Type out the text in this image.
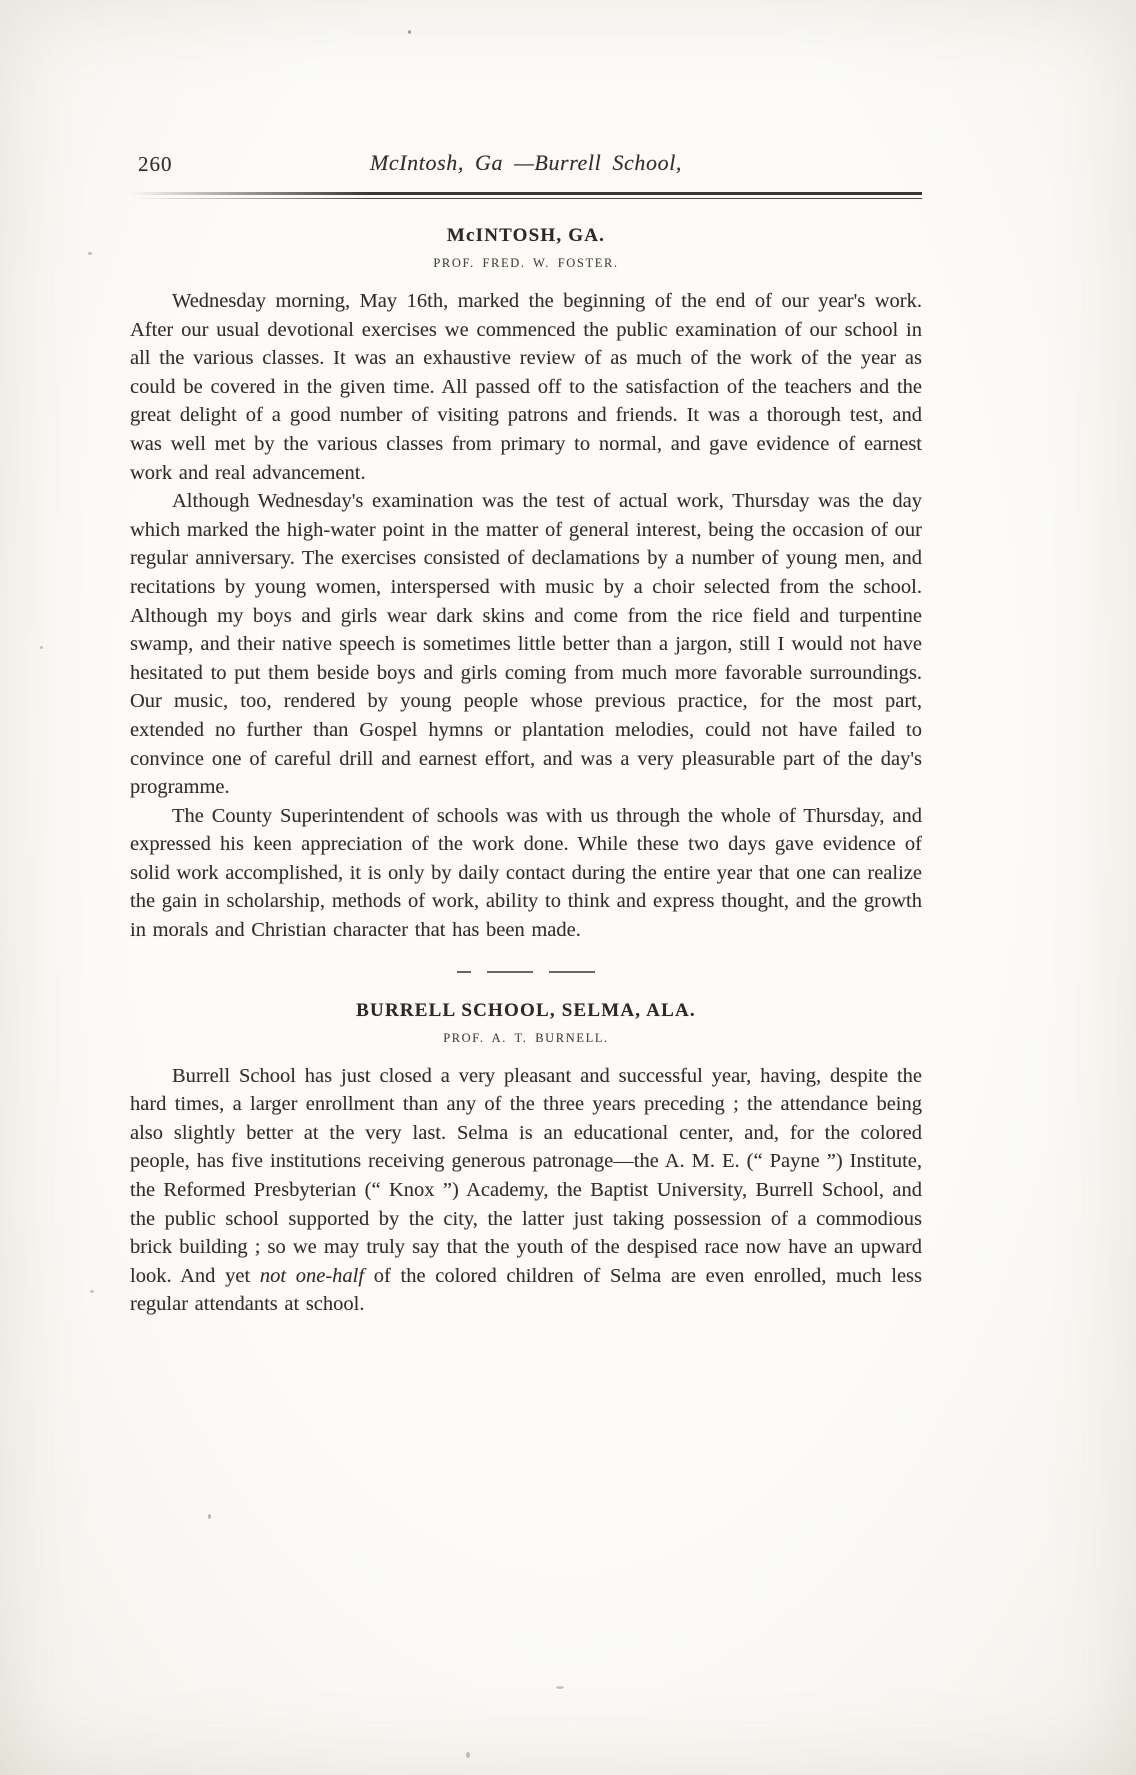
260	McIntosh, Ga —Burrell School,
McINTOSH, GA.
PROF. FRED. W. FOSTER.

Wednesday morning, May 16th, marked the beginning of the end of our year's work. After our usual devotional exercises we commenced the public examination of our school in all the various classes. It was an exhaustive review of as much of the work of the year as could be covered in the given time. All passed off to the satisfaction of the teachers and the great delight of a good number of visiting patrons and friends. It was a thorough test, and was well met by the various classes from primary to normal, and gave evidence of earnest work and real advancement.

Although Wednesday's examination was the test of actual work, Thursday was the day which marked the high-water point in the matter of general interest, being the occasion of our regular anniversary. The exercises consisted of declamations by a number of young men, and recitations by young women, interspersed with music by a choir selected from the school. Although my boys and girls wear dark skins and come from the rice field and turpentine swamp, and their native speech is sometimes little better than a jargon, still I would not have hesitated to put them beside boys and girls coming from much more favorable surroundings. Our music, too, rendered by young people whose previous practice, for the most part, extended no further than Gospel hymns or plantation melodies, could not have failed to convince one of careful drill and earnest effort, and was a very pleasurable part of the day's programme.

The County Superintendent of schools was with us through the whole of Thursday, and expressed his keen appreciation of the work done. While these two days gave evidence of solid work accomplished, it is only by daily contact during the entire year that one can realize the gain in scholarship, methods of work, ability to think and express thought, and the growth in morals and Christian character that has been made.

BURRELL SCHOOL, SELMA, ALA.
PROF. A. T. BURNELL.

Burrell School has just closed a very pleasant and successful year, having, despite the hard times, a larger enrollment than any of the three years preceding ; the attendance being also slightly better at the very last. Selma is an educational center, and, for the colored people, has five institutions receiving generous patronage—the A. M. E. (“ Payne ”) Institute, the Reformed Presbyterian (“ Knox ”) Academy, the Baptist University, Burrell School, and the public school supported by the city, the latter just taking possession of a commodious brick building ; so we may truly say that the youth of the despised race now have an upward look. And yet not one-half of the colored children of Selma are even enrolled, much less regular attendants at school.
